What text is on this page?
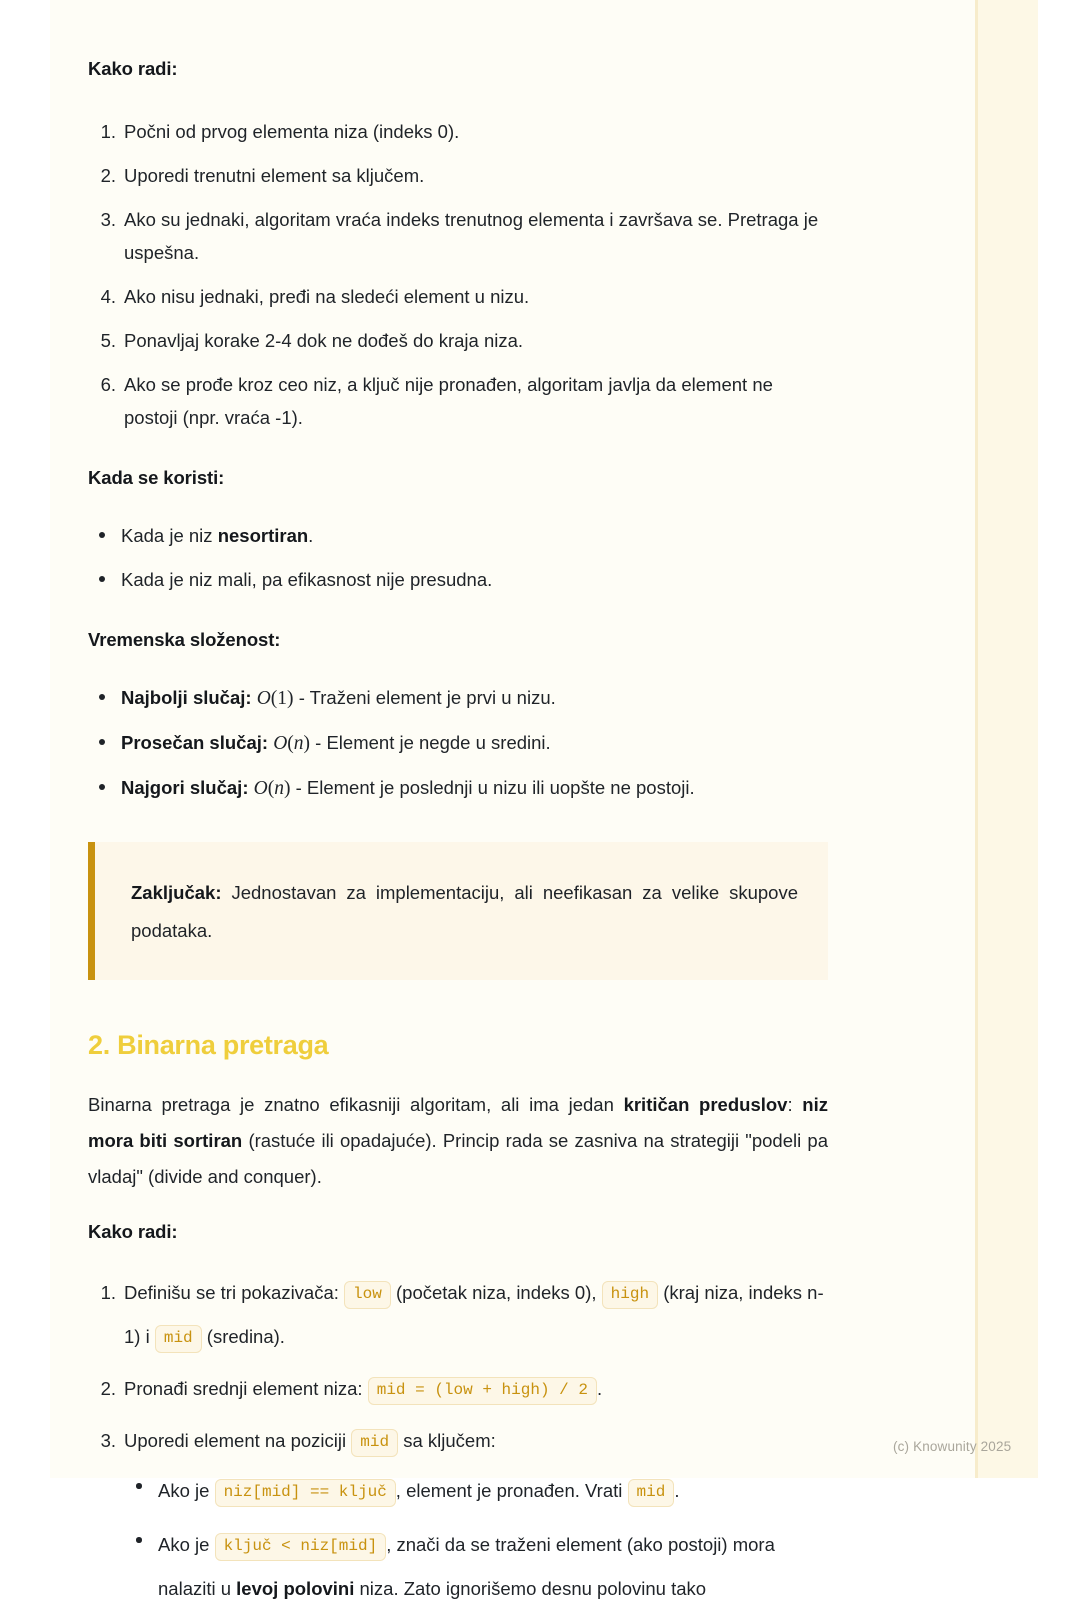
Kako radi:
1. Počni od prvog elementa niza (indeks 0).
2. Uporedi trenutni element sa ključem.
3. Ako su jednaki, algoritam vraća indeks trenutnog elementa i završava se. Pretraga je uspešna.
4. Ako nisu jednaki, pređi na sledeći element u nizu.
5. Ponavljaj korake 2-4 dok ne dođeš do kraja niza.
6. Ako se prođe kroz ceo niz, a ključ nije pronađen, algoritam javlja da element ne postoji (npr. vraća -1).
Kada se koristi:
Kada je niz nesortiran.
Kada je niz mali, pa efikasnost nije presudna.
Vremenska složenost:
Najbolji slučaj: O(1) - Traženi element je prvi u nizu.
Prosečan slučaj: O(n) - Element je negde u sredini.
Najgori slučaj: O(n) - Element je poslednji u nizu ili uopšte ne postoji.

Zaključak: Jednostavan za implementaciju, ali neefikasan za velike skupove podataka.

2. Binarna pretraga

Binarna pretraga je znatno efikasniji algoritam, ali ima jedan kritičan preduslov: niz mora biti sortiran (rastuće ili opadajuće). Princip rada se zasniva na strategiji "podeli pa vladaj" (divide and conquer).

Kako radi:
1. Definišu se tri pokazivača: low (početak niza, indeks 0), high (kraj niza, indeks n-1) i mid (sredina).
2. Pronađi srednji element niza: mid = (low + high) / 2 .
3. Uporedi element na poziciji mid sa ključem:
Ako je niz[mid] == ključ , element je pronađen. Vrati mid .
Ako je ključ < niz[mid] , znači da se traženi element (ako postoji) mora nalaziti u levoj polovini niza. Zato ignorišemo desnu polovinu tako
(c) Knowunity 2025
